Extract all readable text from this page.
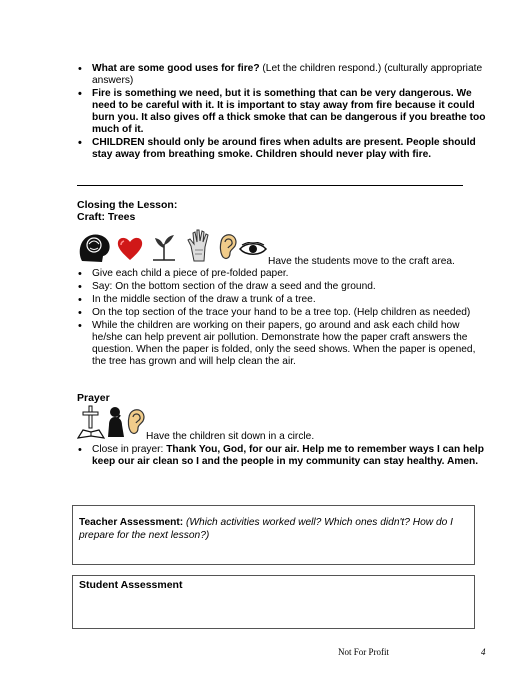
• What are some good uses for fire? (Let the children respond.) (culturally appropriate answers)
• Fire is something we need, but it is something that can be very dangerous. We need to be careful with it. It is important to stay away from fire because it could burn you. It also gives off a thick smoke that can be dangerous if you breathe too much of it.
• CHILDREN should only be around fires when adults are present. People should stay away from breathing smoke. Children should never play with fire.
Closing the Lesson:
Craft: Trees
Have the students move to the craft area.
• Give each child a piece of pre-folded paper.
• Say: On the bottom section of the draw a seed and the ground.
• In the middle section of the draw a trunk of a tree.
• On the top section of the trace your hand to be a tree top. (Help children as needed)
• While the children are working on their papers, go around and ask each child how he/she can help prevent air pollution. Demonstrate how the paper craft answers the question. When the paper is folded, only the seed shows. When the paper is opened, the tree has grown and will help clean the air.
Prayer
Have the children sit down in a circle.
• Close in prayer: Thank You, God, for our air. Help me to remember ways I can help keep our air clean so I and the people in my community can stay healthy. Amen.
Teacher Assessment: (Which activities worked well? Which ones didn't? How do I prepare for the next lesson?)
Student Assessment
Not For Profit	4
